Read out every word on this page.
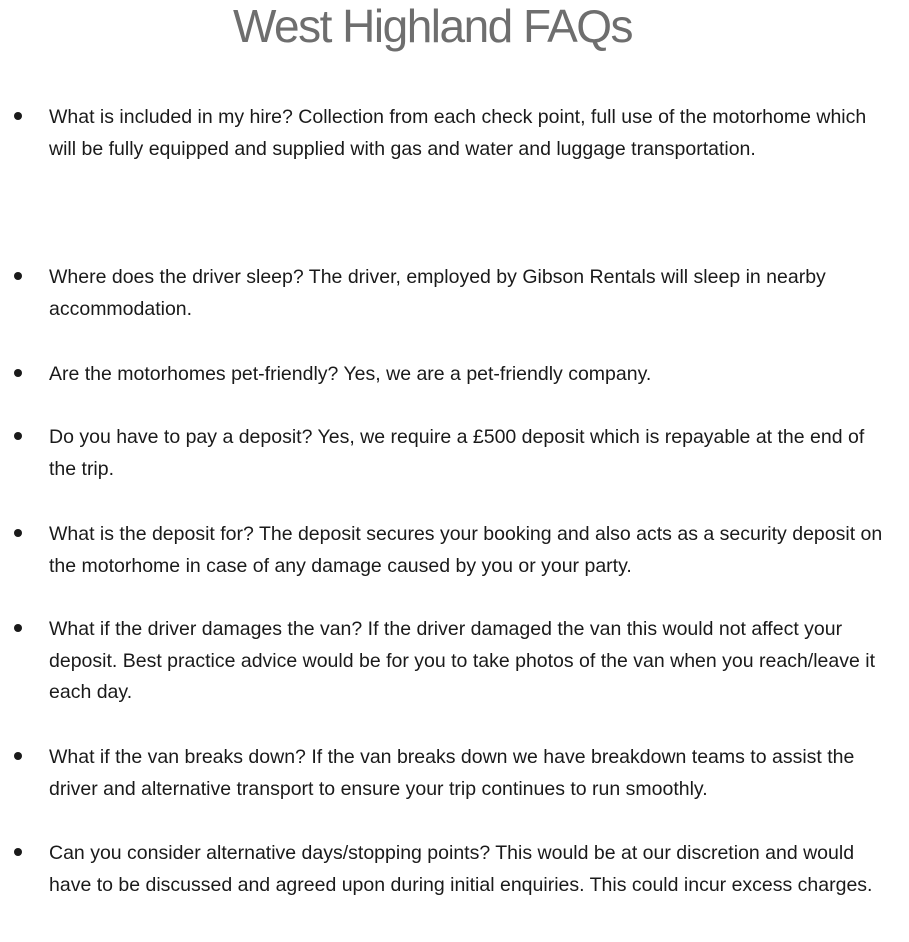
West Highland FAQs

What is included in my hire? Collection from each check point, full use of the motorhome which will be fully equipped and supplied with gas and water and luggage transportation.

Where does the driver sleep? The driver, employed by Gibson Rentals will sleep in nearby accommodation.

Are the motorhomes pet-friendly? Yes, we are a pet-friendly company.

Do you have to pay a deposit? Yes, we require a £500 deposit which is repayable at the end of the trip.

What is the deposit for? The deposit secures your booking and also acts as a security deposit on the motorhome in case of any damage caused by you or your party.

What if the driver damages the van? If the driver damaged the van this would not affect your deposit. Best practice advice would be for you to take photos of the van when you reach/leave it each day.

What if the van breaks down? If the van breaks down we have breakdown teams to assist the driver and alternative transport to ensure your trip continues to run smoothly.

Can you consider alternative days/stopping points? This would be at our discretion and would have to be discussed and agreed upon during initial enquiries. This could incur excess charges.
